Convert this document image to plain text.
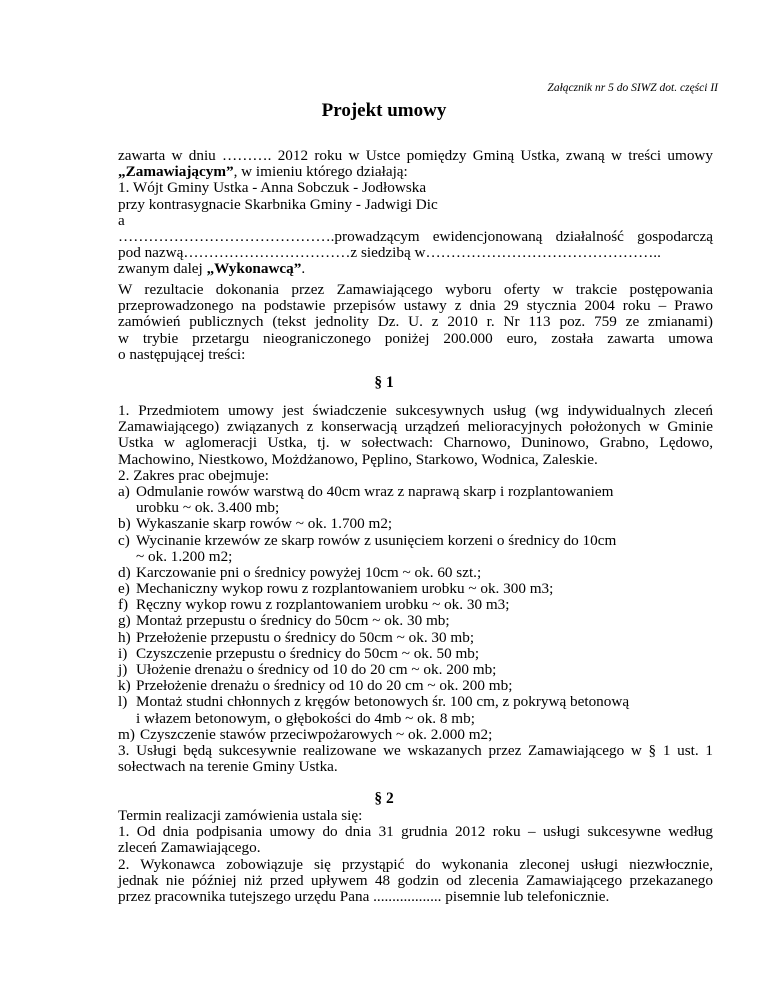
Załącznik nr 5 do SIWZ dot. części II
Projekt umowy
zawarta w dniu ………. 2012 roku w Ustce pomiędzy Gminą Ustka, zwaną w treści umowy
„Zamawiającym”, w imieniu którego działają:
1. Wójt Gminy Ustka - Anna Sobczuk - Jodłowska
przy kontrasygnacie Skarbnika Gminy - Jadwigi Dic
a
…………………………………….prowadzącym ewidencjonowaną działalność gospodarczą
pod nazwą……………………………z siedzibą w………………………………………..
zwanym dalej „Wykonawcą”.
W rezultacie dokonania przez Zamawiającego wyboru oferty w trakcie postępowania
przeprowadzonego na podstawie przepisów ustawy z dnia 29 stycznia 2004 roku – Prawo
zamówień publicznych (tekst jednolity Dz. U. z 2010 r. Nr 113 poz. 759 ze zmianami)
w trybie przetargu nieograniczonego poniżej 200.000 euro, została zawarta umowa
o następującej treści:
§ 1
1. Przedmiotem umowy jest świadczenie sukcesywnych usług (wg indywidualnych zleceń
Zamawiającego) związanych z konserwacją urządzeń melioracyjnych położonych w Gminie
Ustka w aglomeracji Ustka, tj. w sołectwach: Charnowo, Duninowo, Grabno, Lędowo,
Machowino, Niestkowo, Możdżanowo, Pęplino, Starkowo, Wodnica, Zaleskie.
2. Zakres prac obejmuje:
a) Odmulanie rowów warstwą do 40cm wraz z naprawą skarp i rozplantowaniem
urobku ~ ok. 3.400 mb;
b) Wykaszanie skarp rowów ~ ok. 1.700 m2;
c) Wycinanie krzewów ze skarp rowów z usunięciem korzeni o średnicy do 10cm
~ ok. 1.200 m2;
d) Karczowanie pni o średnicy powyżej 10cm ~ ok. 60 szt.;
e) Mechaniczny wykop rowu z rozplantowaniem urobku ~ ok. 300 m3;
f) Ręczny wykop rowu z rozplantowaniem urobku ~ ok. 30 m3;
g) Montaż przepustu o średnicy do 50cm ~ ok. 30 mb;
h) Przełożenie przepustu o średnicy do 50cm ~ ok. 30 mb;
i) Czyszczenie przepustu o średnicy do 50cm ~ ok. 50 mb;
j) Ułożenie drenażu o średnicy od 10 do 20 cm ~ ok. 200 mb;
k) Przełożenie drenażu o średnicy od 10 do 20 cm ~ ok. 200 mb;
l) Montaż studni chłonnych z kręgów betonowych śr. 100 cm, z pokrywą betonową
i włazem betonowym, o głębokości do 4mb ~ ok. 8 mb;
m) Czyszczenie stawów przeciwpożarowych ~ ok. 2.000 m2;
3. Usługi będą sukcesywnie realizowane we wskazanych przez Zamawiającego w § 1 ust. 1
sołectwach na terenie Gminy Ustka.
§ 2
Termin realizacji zamówienia ustala się:
1. Od dnia podpisania umowy do dnia 31 grudnia 2012 roku – usługi sukcesywne według
zleceń Zamawiającego.
2. Wykonawca zobowiązuje się przystąpić do wykonania zleconej usługi niezwłocznie,
jednak nie później niż przed upływem 48 godzin od zlecenia Zamawiającego przekazanego
przez pracownika tutejszego urzędu Pana .................. pisemnie lub telefonicznie.
